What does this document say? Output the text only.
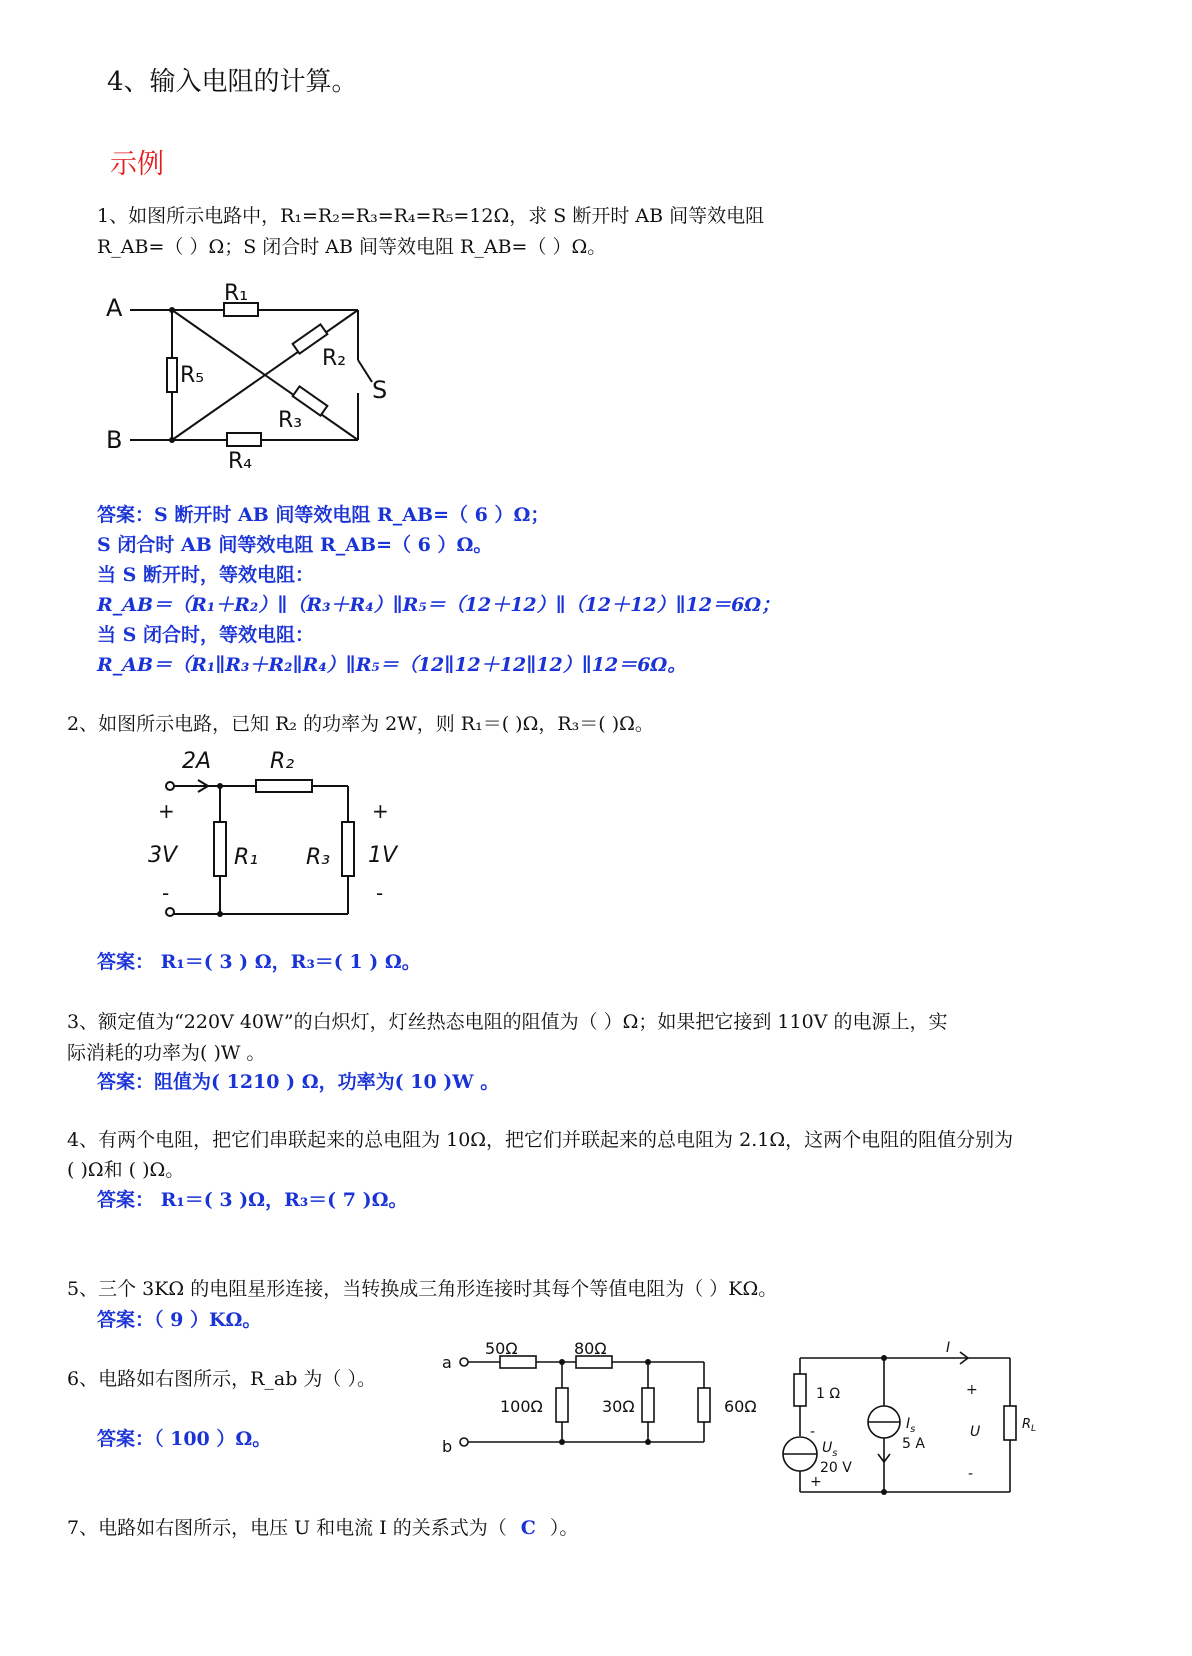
4、输入电阻的计算。
示例
1、如图所示电路中，R₁=R₂=R₃=R₄=R₅=12Ω，求 S 断开时 AB 间等效电阻
R_AB=（ ）Ω；S 闭合时 AB 间等效电阻 R_AB=（ ）Ω。
A
B
R₁
R₂
R₃
R₄
R₅
S
答案：S 断开时 AB 间等效电阻 R_AB=（ 6 ）Ω；
S 闭合时 AB 间等效电阻 R_AB=（ 6 ）Ω。
当 S 断开时，等效电阻：
R_AB＝（R₁＋R₂）∥（R₃＋R₄）∥R₅＝（12＋12）∥（12＋12）∥12＝6Ω；
当 S 闭合时，等效电阻：
R_AB＝（R₁∥R₃＋R₂∥R₄）∥R₅＝（12∥12＋12∥12）∥12＝6Ω。
2、如图所示电路，已知 R₂ 的功率为 2W，则 R₁＝( )Ω，R₃＝( )Ω。
2A	R₂
R₁ R₃
3V	1V
+	+
-	-
答案： R₁＝( 3 ) Ω，R₃＝( 1 ) Ω。
3、额定值为“220V 40W”的白炽灯，灯丝热态电阻的阻值为（ ）Ω；如果把它接到 110V 的电源上，实
际消耗的功率为( )W 。
答案：阻值为( 1210 ) Ω，功率为( 10 )W 。
4、有两个电阻，把它们串联起来的总电阻为 10Ω，把它们并联起来的总电阻为 2.1Ω，这两个电阻的阻值分别为
( )Ω和 ( )Ω。
答案： R₁＝( 3 )Ω，R₃＝( 7 )Ω。
5、三个 3KΩ 的电阻星形连接，当转换成三角形连接时其每个等值电阻为（ ）KΩ。
答案：（ 9 ）KΩ。
6、电路如右图所示，R_ab 为（ ）。
答案：（ 100 ）Ω。
a
b
50Ω	80Ω
100Ω	30Ω	60Ω
1 Ω
-
+
$U_s$
20 V
$I_s$
5 A
I
+
U
-
$R_L$
7、电路如右图所示，电压 U 和电流 I 的关系式为（ C ）。
